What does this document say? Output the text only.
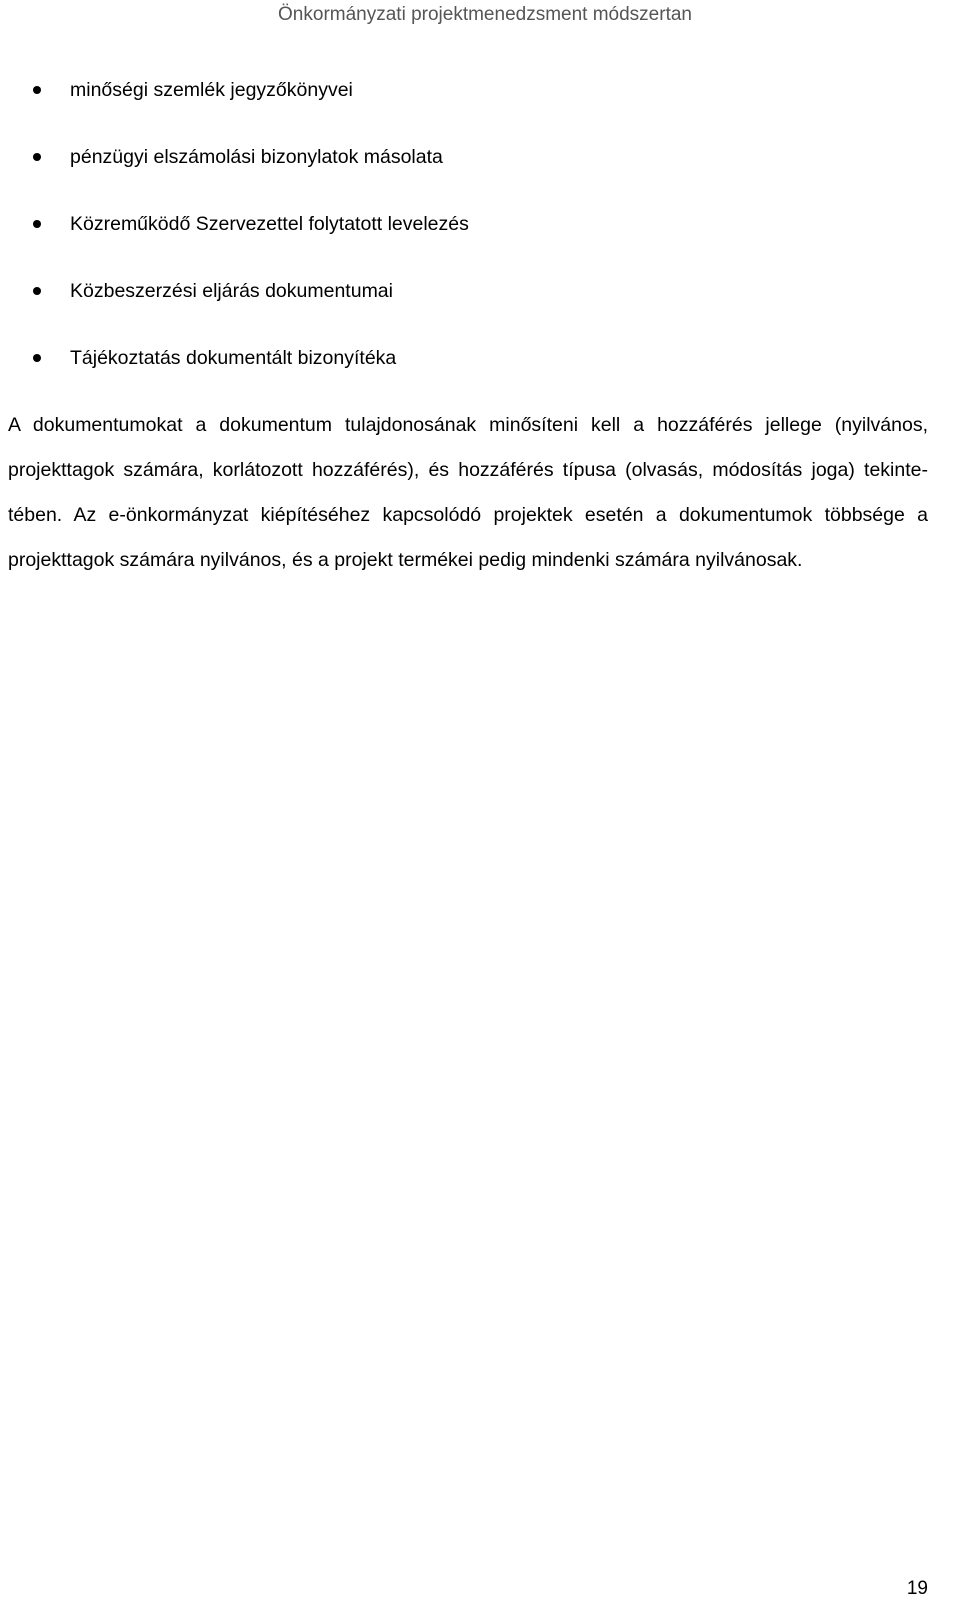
Önkormányzati projektmenedzsment módszertan
minőségi szemlék jegyzőkönyvei
pénzügyi elszámolási bizonylatok másolata
Közreműködő Szervezettel folytatott levelezés
Közbeszerzési eljárás dokumentumai
Tájékoztatás dokumentált bizonyítéka

A dokumentumokat a dokumentum tulajdonosának minősíteni kell a hozzáférés jellege (nyilvános, projekttagok számára, korlátozott hozzáférés), és hozzáférés típusa (olvasás, módosítás joga) tekintetében. Az e-önkormányzat kiépítéséhez kapcsolódó projektek esetén a dokumentumok többsége a projekttagok számára nyilvános, és a projekt termékei pedig mindenki számára nyilvánosak.

19
